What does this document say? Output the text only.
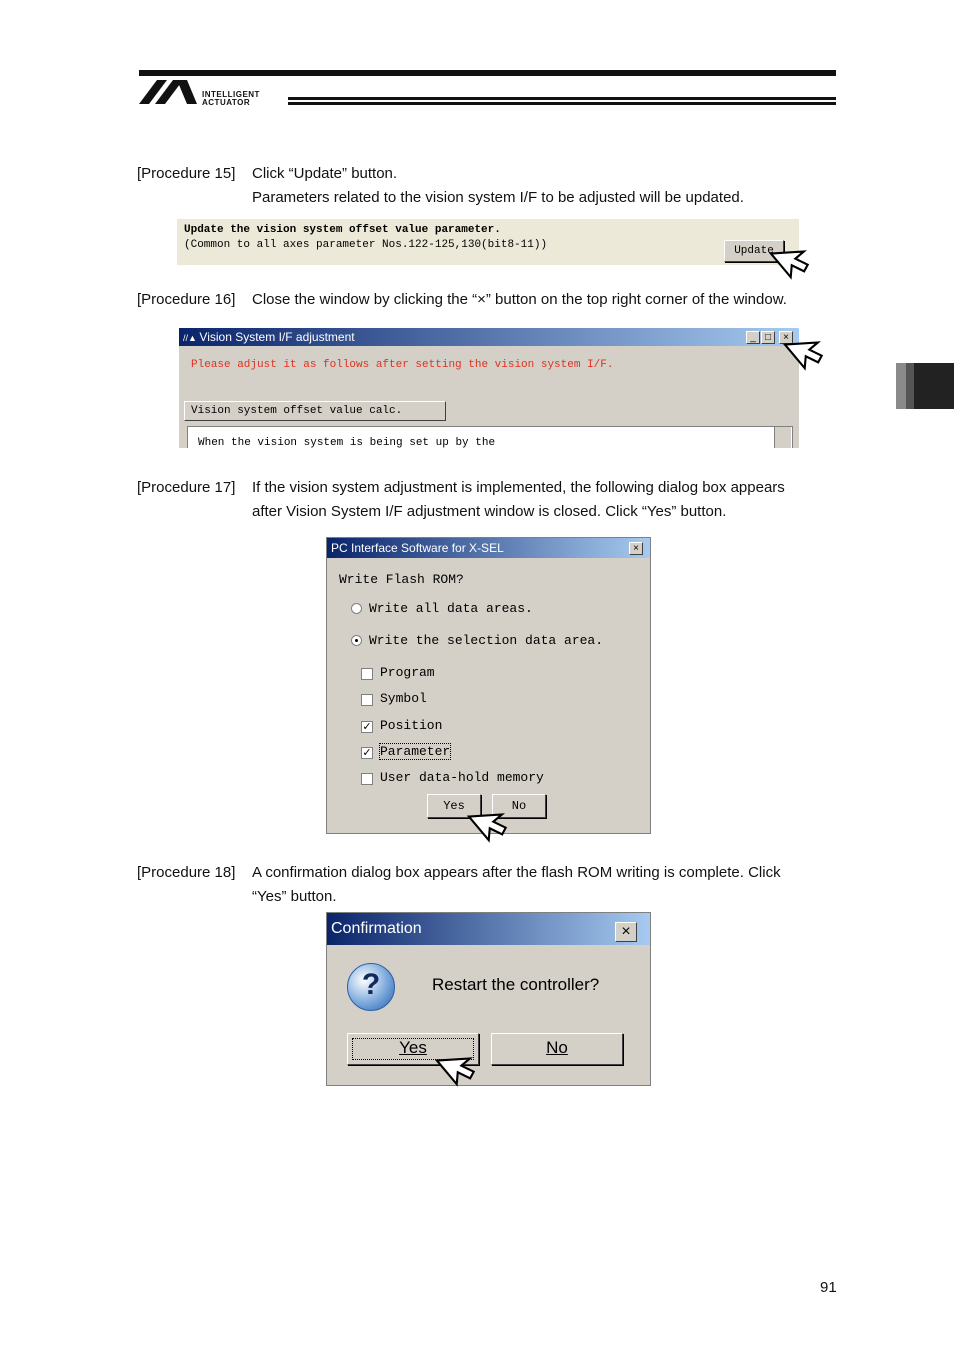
INTELLIGENT
ACTUATOR
[Procedure 15] Click “Update” button.
Parameters related to the vision system I/F to be adjusted will be updated.
Update the vision system offset value parameter.
(Common to all axes parameter Nos.122-125,130(bit8-11))	Update
[Procedure 16] Close the window by clicking the “×” button on the top right corner of the window.
//▲ Vision System I/F adjustment	_ □	×
Please adjust it as follows after setting the vision system I/F.
Vision system offset value calc.
When the vision system is being set up by the
[Procedure 17] If the vision system adjustment is implemented, the following dialog box appears
after Vision System I/F adjustment window is closed. Click “Yes” button.
PC Interface Software for X-SEL	×
Write Flash ROM?
Write all data areas.
Write the selection data area.
Program
Symbol
✓ Position
✓ Parameter
User data-hold memory
Yes	No
[Procedure 18] A confirmation dialog box appears after the flash ROM writing is complete. Click
“Yes” button.
Confirmation	×
?	Restart the controller?
Yes	No
91
